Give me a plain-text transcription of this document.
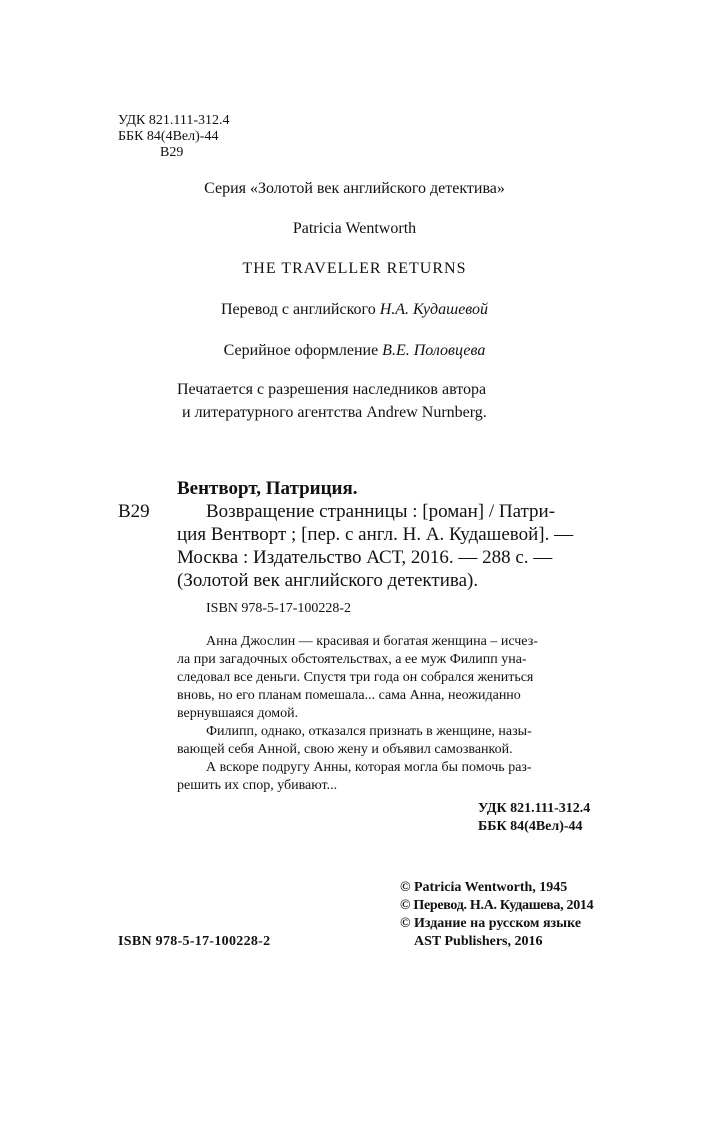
УДК 821.111-312.4
ББК 84(4Вел)-44
В29
Серия «Золотой век английского детектива»
Patricia Wentworth
THE TRAVELLER RETURNS
Перевод с английского Н.А. Кудашевой
Серийное оформление В.Е. Половцева
Печатается с разрешения наследников автора
и литературного агентства Andrew Nurnberg.
Вентворт, Патриция.
В29	Возвращение странницы : [роман] / Патри-
ция Вентворт ; [пер. с англ. Н. А. Кудашевой]. —
Москва : Издательство АСТ, 2016. — 288 с. —
(Золотой век английского детектива).
ISBN 978-5-17-100228-2
Анна Джослин — красивая и богатая женщина – исчез-
ла при загадочных обстоятельствах, а ее муж Филипп уна-
следовал все деньги. Спустя три года он собрался жениться
вновь, но его планам помешала... сама Анна, неожиданно
вернувшаяся домой.
Филипп, однако, отказался признать в женщине, назы-
вающей себя Анной, свою жену и объявил самозванкой.
А вскоре подругу Анны, которая могла бы помочь раз-
решить их спор, убивают...
УДК 821.111-312.4
ББК 84(4Вел)-44
© Patricia Wentworth, 1945
© Перевод. Н.А. Кудашева, 2014
© Издание на русском языке
AST Publishers, 2016
ISBN 978-5-17-100228-2
